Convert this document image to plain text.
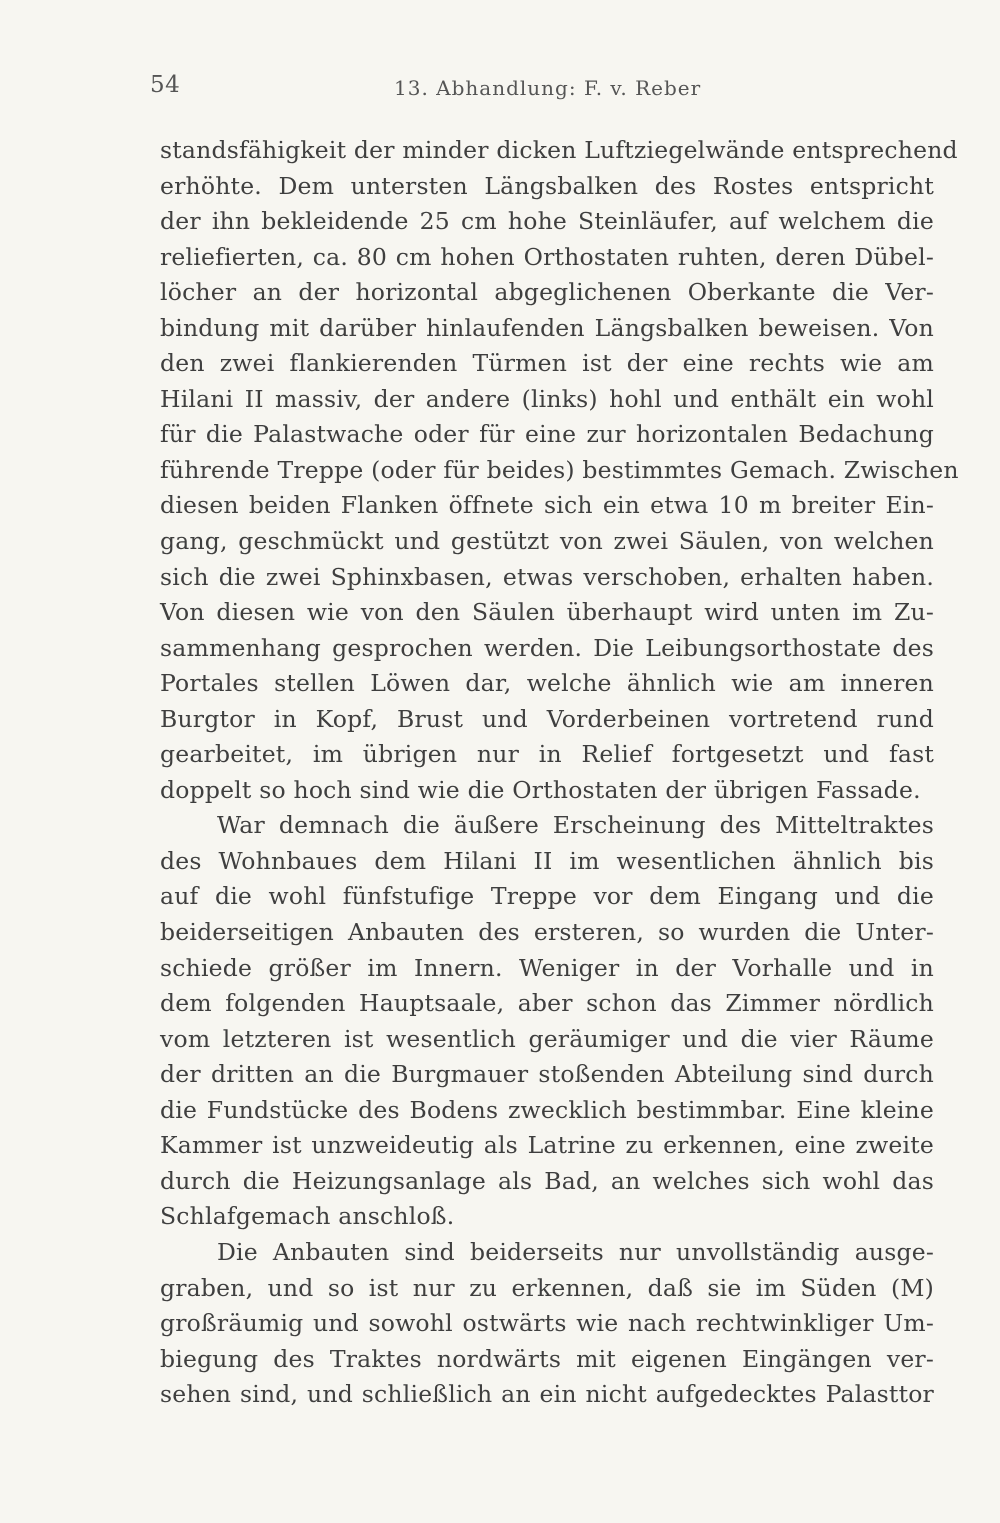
54	13. Abhandlung: F. v. Reber
standsfähigkeit der minder dicken Luftziegelwände entsprechend
erhöhte. Dem untersten Längsbalken des Rostes entspricht
der ihn bekleidende 25 cm hohe Steinläufer, auf welchem die
reliefierten, ca. 80 cm hohen Orthostaten ruhten, deren Dübel-
löcher an der horizontal abgeglichenen Oberkante die Ver-
bindung mit darüber hinlaufenden Längsbalken beweisen. Von
den zwei flankierenden Türmen ist der eine rechts wie am
Hilani II massiv, der andere (links) hohl und enthält ein wohl
für die Palastwache oder für eine zur horizontalen Bedachung
führende Treppe (oder für beides) bestimmtes Gemach. Zwischen
diesen beiden Flanken öffnete sich ein etwa 10 m breiter Ein-
gang, geschmückt und gestützt von zwei Säulen, von welchen
sich die zwei Sphinxbasen, etwas verschoben, erhalten haben.
Von diesen wie von den Säulen überhaupt wird unten im Zu-
sammenhang gesprochen werden. Die Leibungsorthostate des
Portales stellen Löwen dar, welche ähnlich wie am inneren
Burgtor in Kopf, Brust und Vorderbeinen vortretend rund
gearbeitet, im übrigen nur in Relief fortgesetzt und fast
doppelt so hoch sind wie die Orthostaten der übrigen Fassade.
War demnach die äußere Erscheinung des Mitteltraktes
des Wohnbaues dem Hilani II im wesentlichen ähnlich bis
auf die wohl fünfstufige Treppe vor dem Eingang und die
beiderseitigen Anbauten des ersteren, so wurden die Unter-
schiede größer im Innern. Weniger in der Vorhalle und in
dem folgenden Hauptsaale, aber schon das Zimmer nördlich
vom letzteren ist wesentlich geräumiger und die vier Räume
der dritten an die Burgmauer stoßenden Abteilung sind durch
die Fundstücke des Bodens zwecklich bestimmbar. Eine kleine
Kammer ist unzweideutig als Latrine zu erkennen, eine zweite
durch die Heizungsanlage als Bad, an welches sich wohl das
Schlafgemach anschloß.
Die Anbauten sind beiderseits nur unvollständig ausge-
graben, und so ist nur zu erkennen, daß sie im Süden (M)
großräumig und sowohl ostwärts wie nach rechtwinkliger Um-
biegung des Traktes nordwärts mit eigenen Eingängen ver-
sehen sind, und schließlich an ein nicht aufgedecktes Palasttor
